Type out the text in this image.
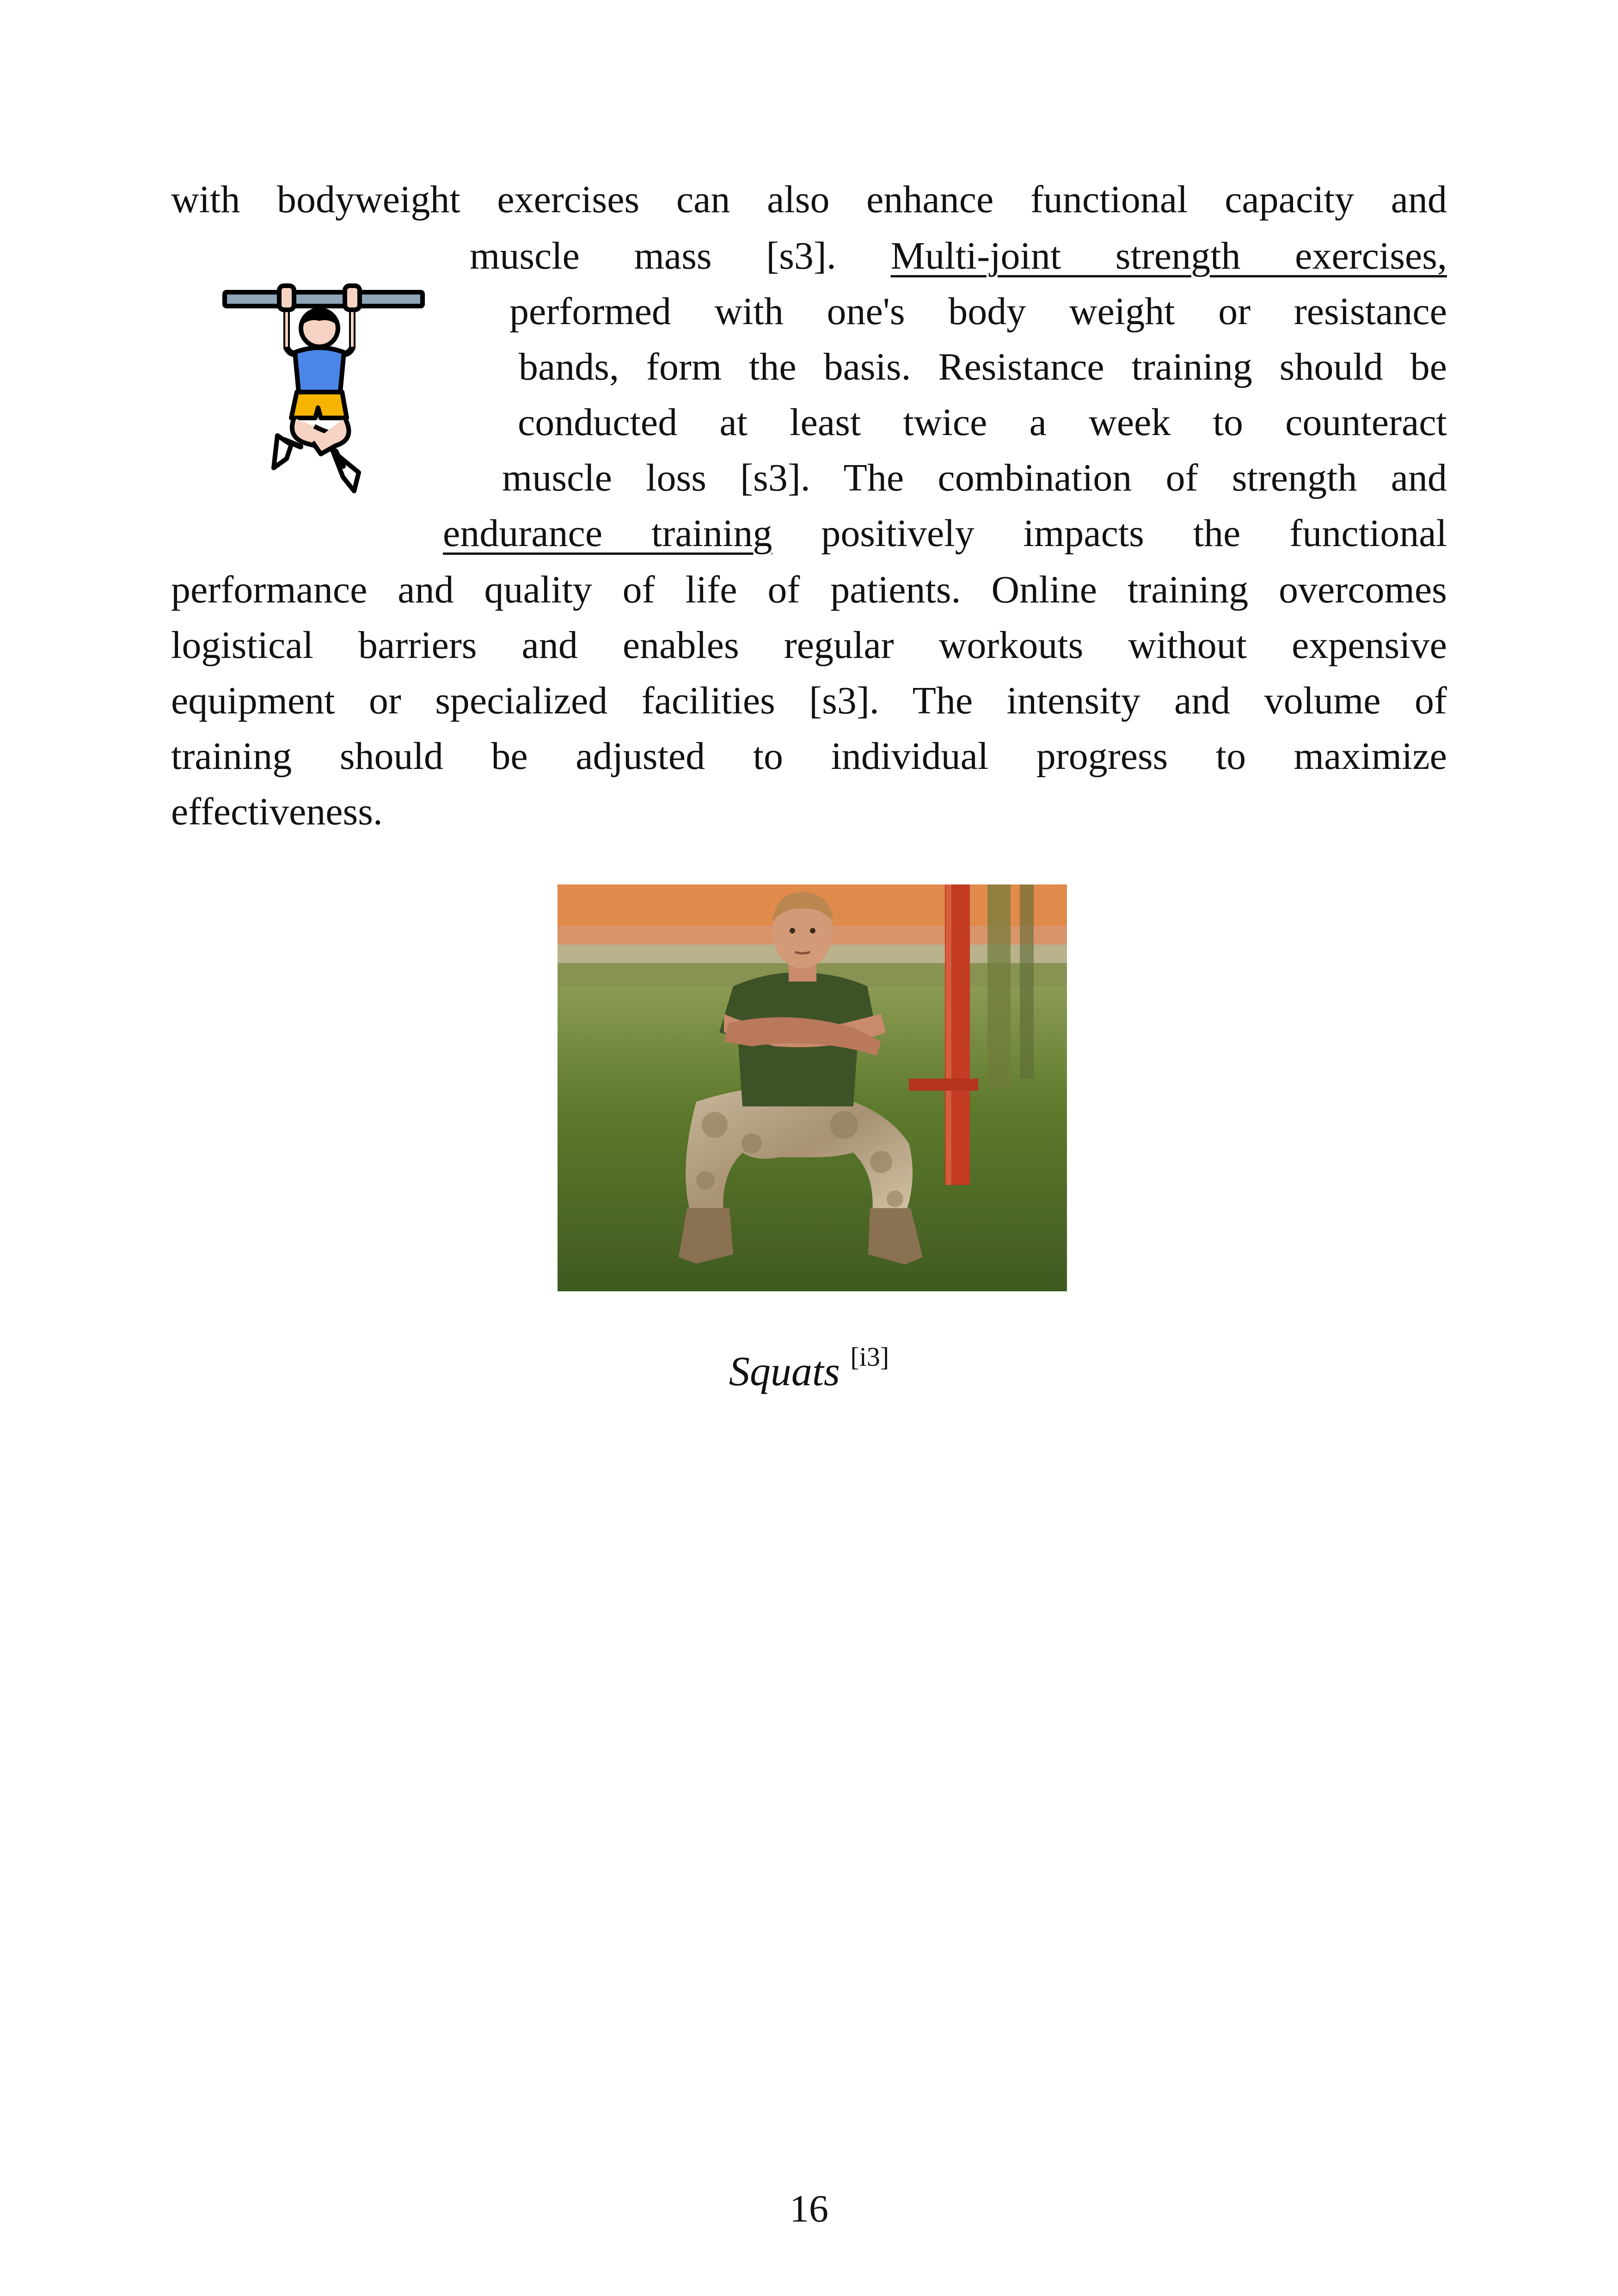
with bodyweight exercises can also enhance functional capacity and
muscle mass [s3]. Multi-joint strength exercises,
performed with one's body weight or resistance
bands, form the basis. Resistance training should be
conducted at least twice a week to counteract
muscle loss [s3]. The combination of strength and
endurance training positively impacts the functional
performance and quality of life of patients. Online training overcomes
logistical barriers and enables regular workouts without expensive
equipment or specialized facilities [s3]. The intensity and volume of
training should be adjusted to individual progress to maximize
effectiveness.
Squats [i3]
16
